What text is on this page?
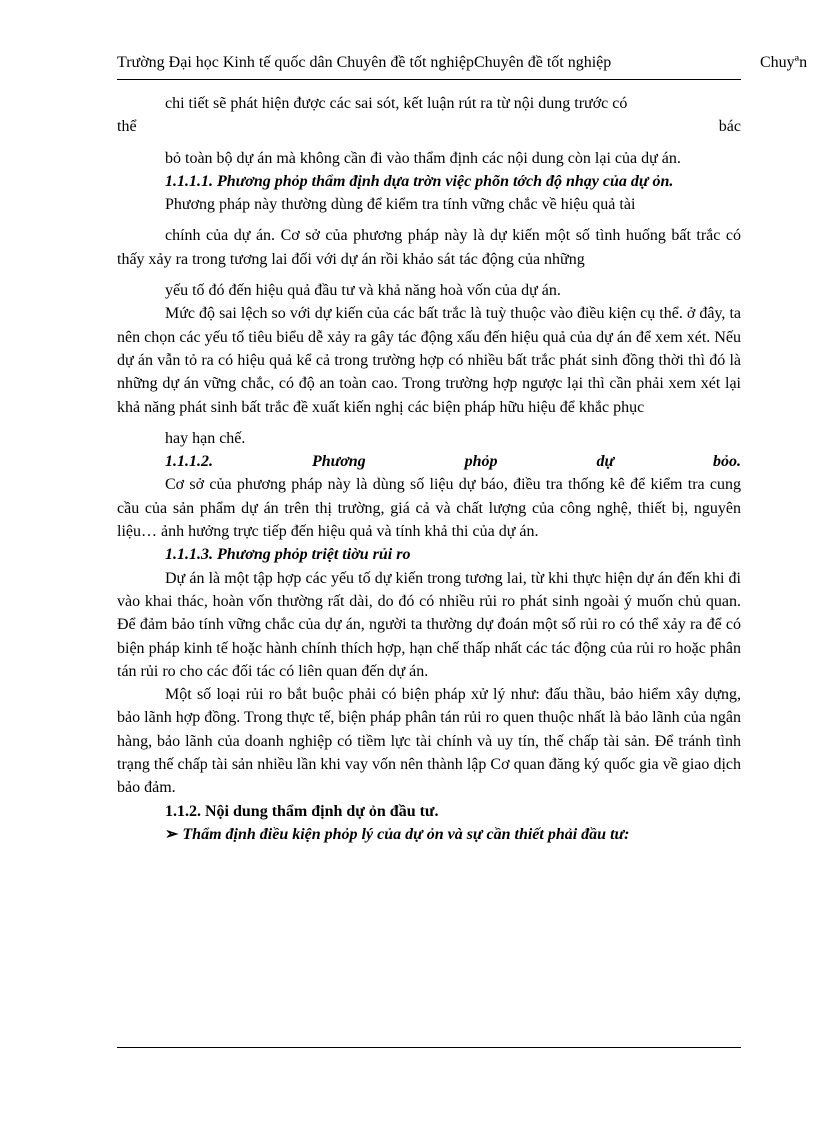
Trường Đại học Kinh tế quốc dân Chuyên đề tốt nghiệpChuyên đề tốt nghiệp	Chuyªn

chi tiết sẽ phát hiện được các sai sót, kết luận rút ra từ nội dung trước có

thể	bác

bỏ toàn bộ dự án mà không cần đi vào thẩm định các nội dung còn lại của dự án.

1.1.1.1. Phương phỏp thẩm định dựa trờn việc phõn tớch độ nhạy của dự ỏn.

Phương pháp này thường dùng để kiểm tra tính vững chắc về hiệu quả tài

chính của dự án. Cơ sở của phương pháp này là dự kiến một số tình huống bất trắc có thấy xảy ra trong tương lai đối với dự án rồi khảo sát tác động của những

yếu tố đó đến hiệu quả đầu tư và khả năng hoà vốn của dự án.

Mức độ sai lệch so với dự kiến của các bất trắc là tuỳ thuộc vào điều kiện cụ thể. ở đây, ta nên chọn các yếu tố tiêu biểu dễ xảy ra gây tác động xấu đến hiệu quả của dự án để xem xét. Nếu dự án vẫn tỏ ra có hiệu quả kể cả trong trường hợp có nhiều bất trắc phát sinh đồng thời thì đó là những dự án vững chắc, có độ an toàn cao. Trong trường hợp ngược lại thì cần phải xem xét lại khả năng phát sinh bất trắc đề xuất kiến nghị các biện pháp hữu hiệu để khắc phục

hay hạn chế.

1.1.1.2. Phương phỏp dự bỏo.

Cơ sở của phương pháp này là dùng số liệu dự báo, điều tra thống kê để kiểm tra cung cầu của sản phẩm dự án trên thị trường, giá cả và chất lượng của công nghệ, thiết bị, nguyên liệu… ảnh hưởng trực tiếp đến hiệu quả và tính khả thi của dự án.

1.1.1.3. Phương phỏp triệt tiờu rủi ro

Dự án là một tập hợp các yếu tố dự kiến trong tương lai, từ khi thực hiện dự án đến khi đi vào khai thác, hoàn vốn thường rất dài, do đó có nhiều rủi ro phát sinh ngoài ý muốn chủ quan. Để đảm bảo tính vững chắc của dự án, người ta thường dự đoán một số rủi ro có thể xảy ra để có biện pháp kinh tế hoặc hành chính thích hợp, hạn chế thấp nhất các tác động của rủi ro hoặc phân tán rủi ro cho các đối tác có liên quan đến dự án.

Một số loại rủi ro bắt buộc phải có biện pháp xử lý như: đấu thầu, bảo hiểm xây dựng, bảo lãnh hợp đồng. Trong thực tế, biện pháp phân tán rủi ro quen thuộc nhất là bảo lãnh của ngân hàng, bảo lãnh của doanh nghiệp có tiềm lực tài chính và uy tín, thế chấp tài sản. Để tránh tình trạng thế chấp tài sản nhiều lần khi vay vốn nên thành lập Cơ quan đăng ký quốc gia về giao dịch bảo đảm.

1.1.2. Nội dung thẩm định dự ỏn đầu tư.

➢ Thẩm định điều kiện phỏp lý của dự ỏn và sự cần thiết phải đầu tư:
